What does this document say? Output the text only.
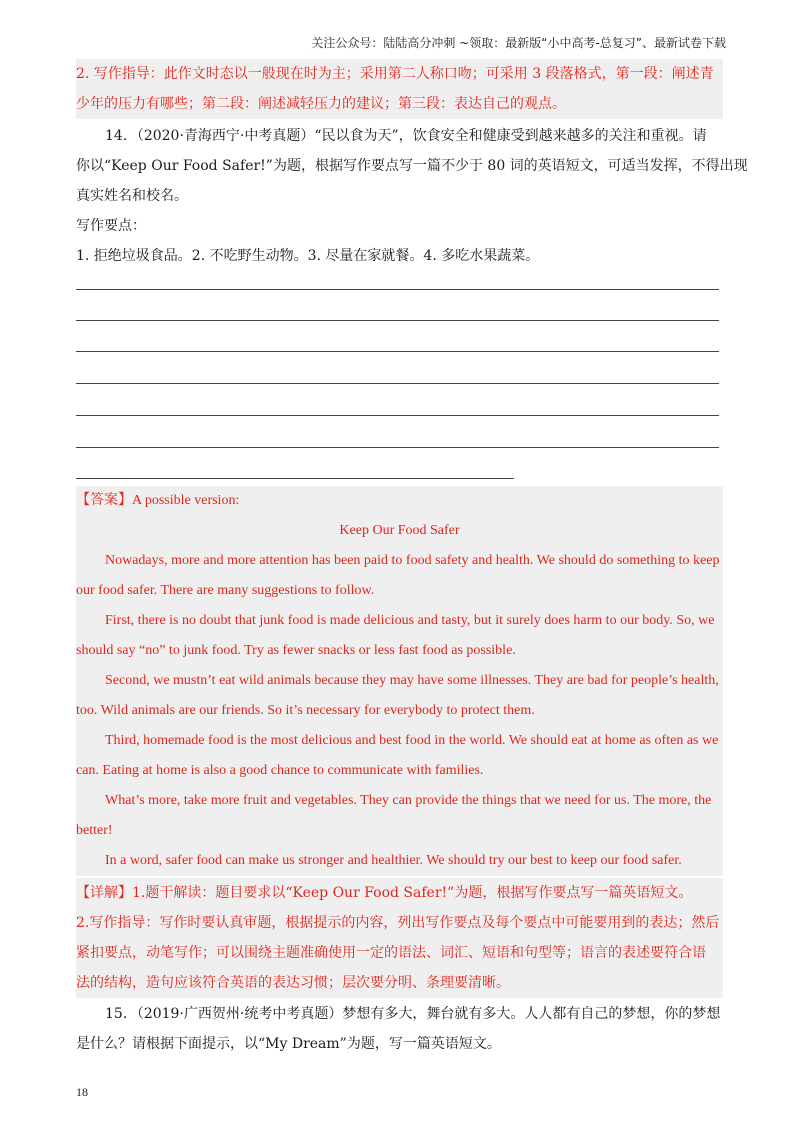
关注公众号：陆陆高分冲刺 ~领取：最新版“小中高考-总复习”、最新试卷下载
2. 写作指导：此作文时态以一般现在时为主；采用第二人称口吻；可采用 3 段落格式，第一段：阐述青
少年的压力有哪些；第二段：阐述减轻压力的建议；第三段：表达自己的观点。
14．（2020·青海西宁·中考真题）“民以食为天”，饮食安全和健康受到越来越多的关注和重视。请
你以“Keep Our Food Safer!”为题，根据写作要点写一篇不少于 80 词的英语短文，可适当发挥，不得出现
真实姓名和校名。
写作要点：
1. 拒绝垃圾食品。2. 不吃野生动物。3. 尽量在家就餐。4. 多吃水果蔬菜。
【答案】A possible version:
Keep Our Food Safer
Nowadays, more and more attention has been paid to food safety and health. We should do something to keep
our food safer. There are many suggestions to follow.
First, there is no doubt that junk food is made delicious and tasty, but it surely does harm to our body. So, we
should say “no” to junk food. Try as fewer snacks or less fast food as possible.
Second, we mustn’t eat wild animals because they may have some illnesses. They are bad for people’s health,
too. Wild animals are our friends. So it’s necessary for everybody to protect them.
Third, homemade food is the most delicious and best food in the world. We should eat at home as often as we
can. Eating at home is also a good chance to communicate with families.
What’s more, take more fruit and vegetables. They can provide the things that we need for us. The more, the
better!
In a word, safer food can make us stronger and healthier. We should try our best to keep our food safer.
【详解】1.题干解读：题目要求以“Keep Our Food Safer!”为题，根据写作要点写一篇英语短文。
2.写作指导：写作时要认真审题，根据提示的内容，列出写作要点及每个要点中可能要用到的表达；然后
紧扣要点，动笔写作；可以围绕主题准确使用一定的语法、词汇、短语和句型等；语言的表述要符合语
法的结构，造句应该符合英语的表达习惯；层次要分明、条理要清晰。
15．（2019·广西贺州·统考中考真题）梦想有多大，舞台就有多大。人人都有自己的梦想，你的梦想
是什么？请根据下面提示，以“My Dream”为题，写一篇英语短文。
18
